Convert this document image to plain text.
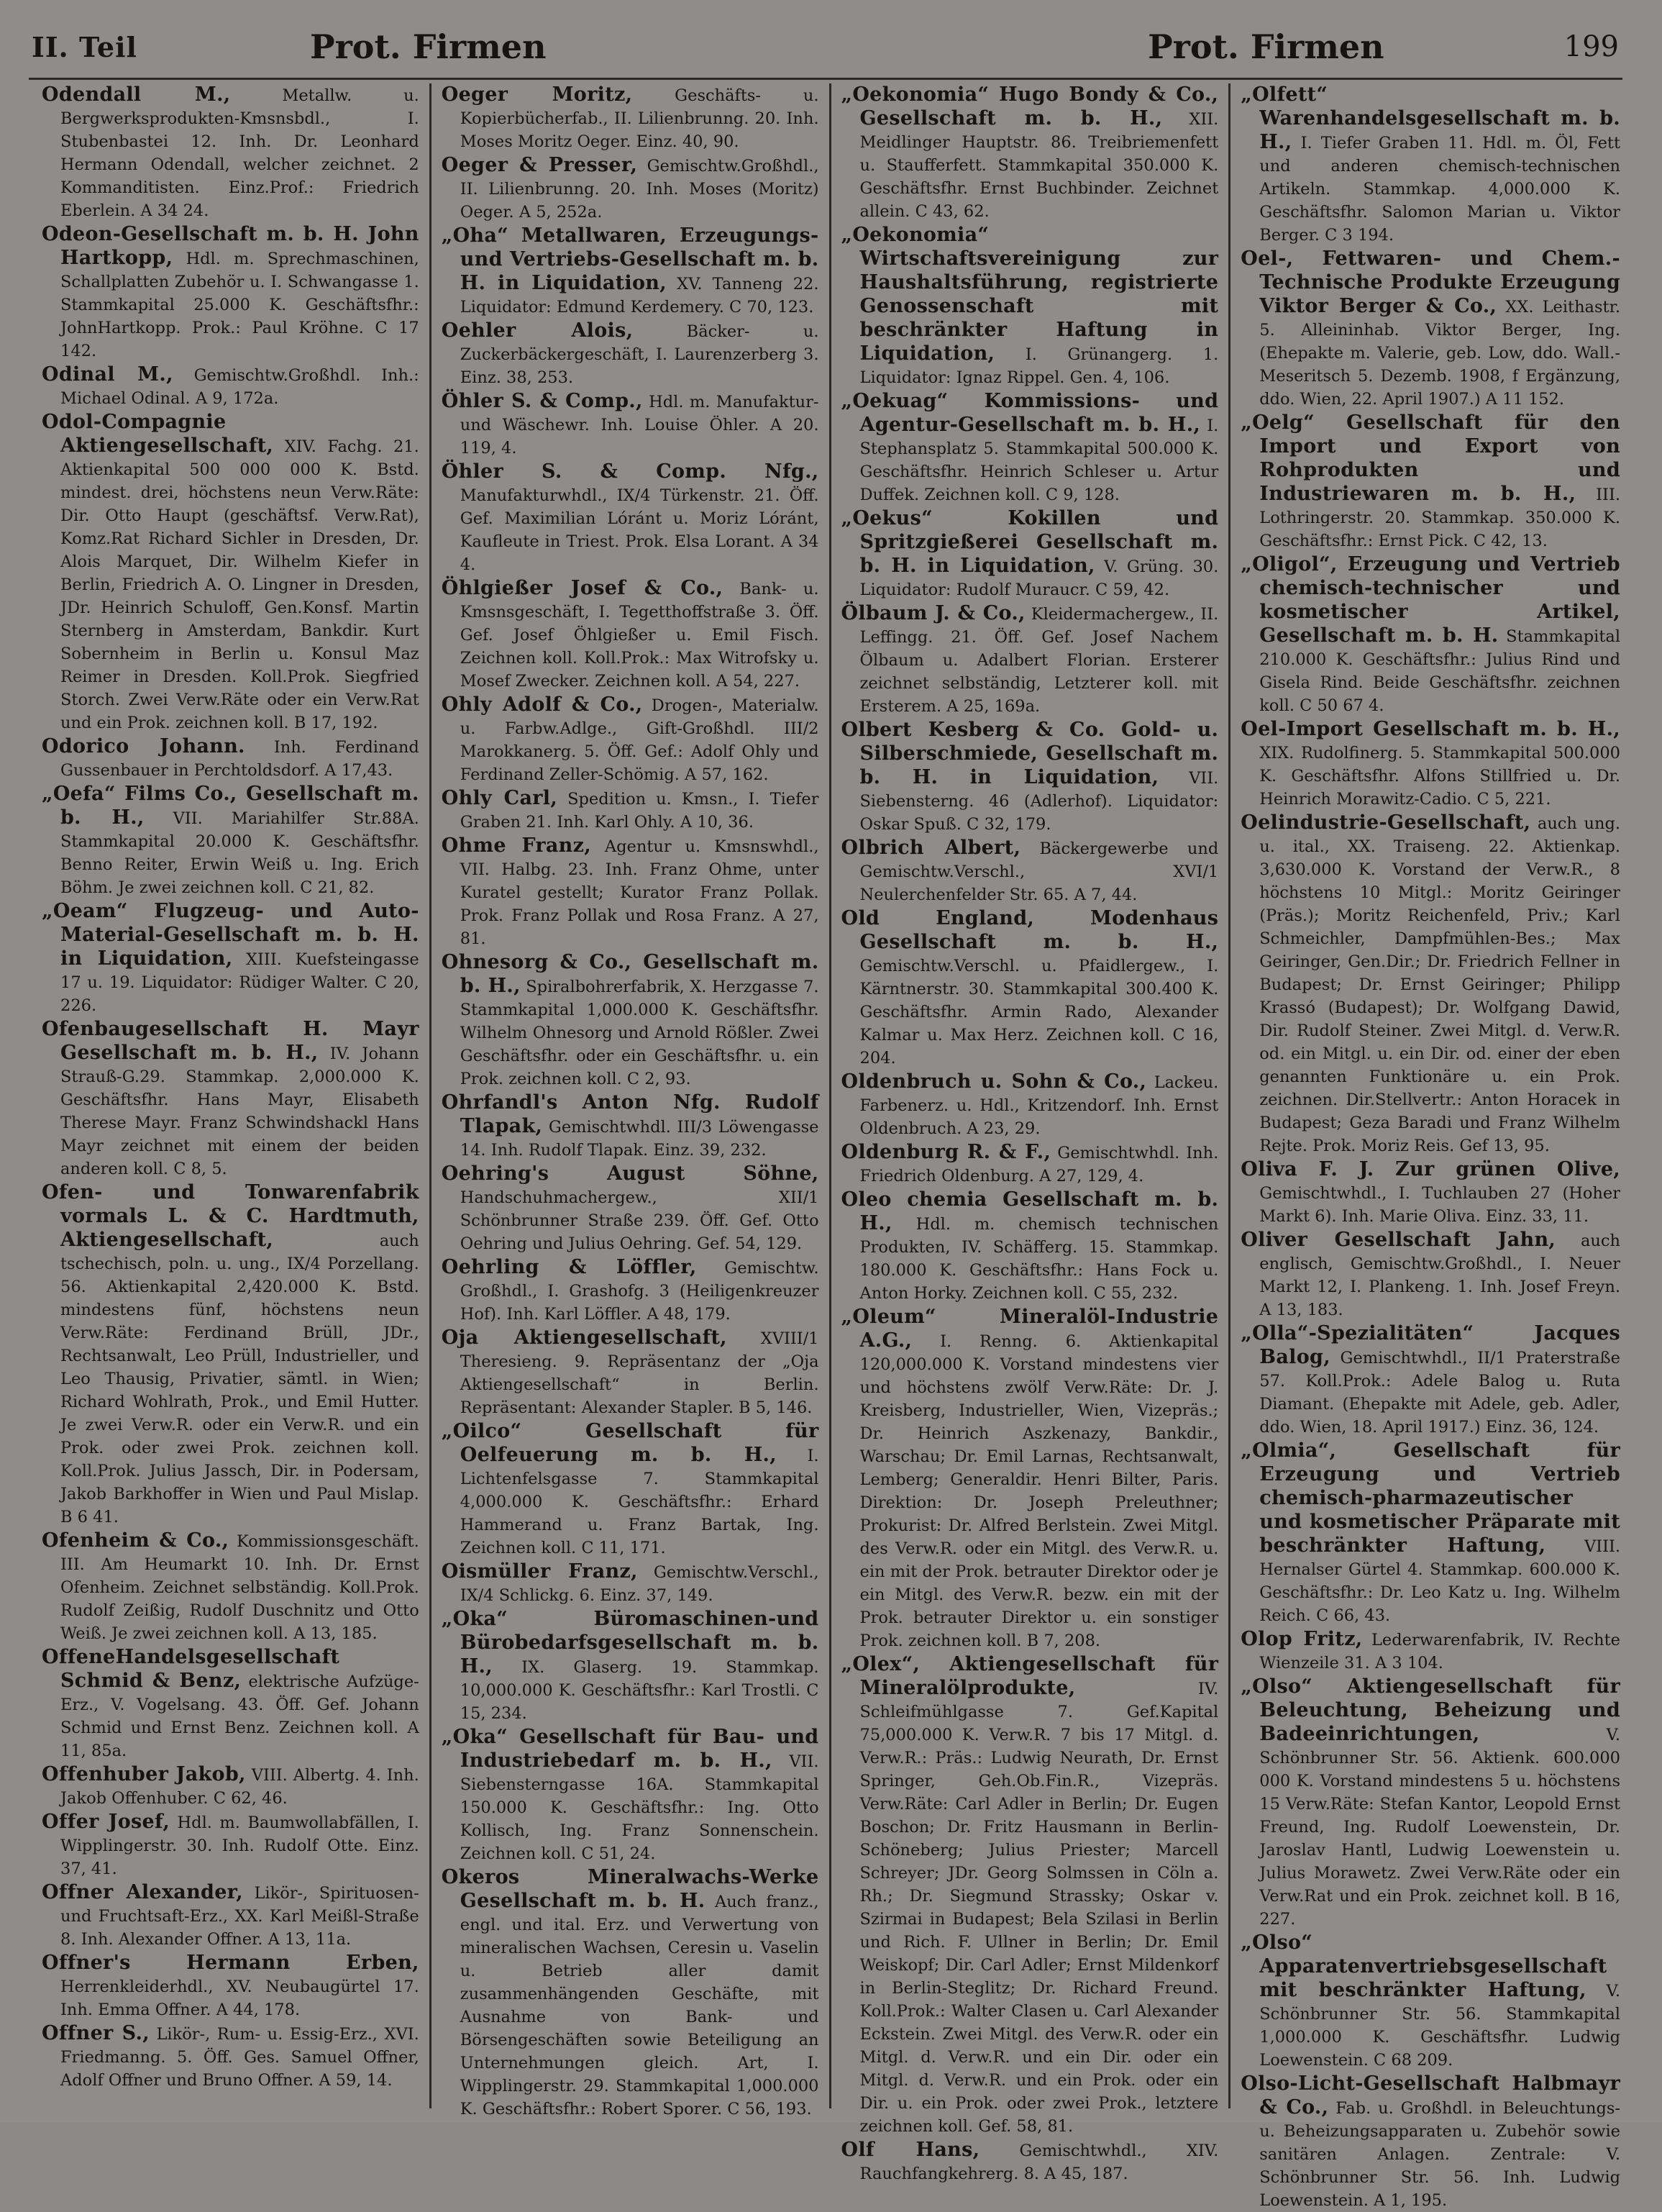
II. Teil	Prot. Firmen	Prot. Firmen	199

Odendall M.,	Metallw. u. Bergwerksprodukten-Kmsnsbdl., I. Stubenbastei 12. Inh. Dr. Leonhard Hermann Odendall, welcher zeichnet. 2 Kommanditisten. Einz.Prof.: Friedrich Eberlein. A 34 24.

Odeon-Gesellschaft m. b. H. John Hartkopp, Hdl. m. Sprechmaschinen, Schallplatten Zubehör u. I. Schwangasse 1. Stammkapital 25.000 K. Geschäftsfhr.: JohnHartkopp. Prok.: Paul Kröhne. C 17 142.

Odinal M., Gemischtw.Großhdl. Inh.: Michael Odinal. A 9, 172a.

Odol-Compagnie Aktiengesellschaft, XIV. Fachg. 21. Aktienkapital 500 000 000 K. Bstd. mindest. drei, höchstens neun Verw.Räte: Dir. Otto Haupt (geschäftsf. Verw.Rat), Komz.Rat Richard Sichler in Dresden, Dr. Alois Marquet, Dir. Wilhelm Kiefer in Berlin, Friedrich A. O. Lingner in Dresden, JDr. Heinrich Schuloff, Gen.Konsf. Martin Sternberg in Amsterdam, Bankdir. Kurt Sobernheim in Berlin u. Konsul Maz Reimer in Dresden. Koll.Prok. Siegfried Storch. Zwei Verw.Räte oder ein Verw.Rat und ein Prok. zeichnen koll. B 17, 192.

Odorico Johann. Inh. Ferdinand Gussenbauer in Perchtoldsdorf. A 17,43.

„Oefa“ Films Co., Gesellschaft m. b. H., VII. Mariahilfer Str.88A. Stammkapital 20.000 K. Geschäftsfhr. Benno Reiter, Erwin Weiß u. Ing. Erich Böhm. Je zwei zeichnen koll. C 21, 82.

„Oeam“ Flugzeug- und Auto-Material-Gesellschaft m. b. H. in Liquidation, XIII. Kuefsteingasse 17 u. 19. Liquidator: Rüdiger Walter. C 20, 226.

Ofenbaugesellschaft H. Mayr Gesellschaft m. b. H., IV. Johann Strauß-G.29. Stammkap. 2,000.000 K. Geschäftsfhr. Hans Mayr, Elisabeth Therese Mayr. Franz Schwindshackl Hans Mayr zeichnet mit einem der beiden anderen koll. C 8, 5.

Ofen- und Tonwarenfabrik vormals L. & C. Hardtmuth, Aktiengesellschaft,	auch tschechisch, poln. u. ung., IX/4 Porzellang. 56. Aktienkapital 2,420.000 K. Bstd. mindestens fünf, höchstens neun Verw.Räte: Ferdinand Brüll, JDr., Rechtsanwalt, Leo Prüll, Industrieller, und Leo Thausig, Privatier, sämtl. in Wien; Richard Wohlrath, Prok., und Emil Hutter. Je zwei Verw.R. oder ein Verw.R. und ein Prok. oder zwei Prok. zeichnen koll. Koll.Prok. Julius Jassch, Dir. in Podersam, Jakob Barkhoffer in Wien und Paul Mislap. B 6 41.

Ofenheim & Co., Kommissionsgeschäft. III. Am Heumarkt 10. Inh. Dr. Ernst Ofenheim. Zeichnet selbständig. Koll.Prok. Rudolf Zeißig, Rudolf Duschnitz und Otto Weiß. Je zwei zeichnen koll. A 13, 185.

OffeneHandelsgesellschaft Schmid & Benz, elektrische Aufzüge-Erz., V. Vogelsang. 43. Öff. Gef. Johann Schmid und Ernst Benz. Zeichnen koll. A 11, 85a.

Offenhuber Jakob, VIII. Albertg. 4. Inh. Jakob Offenhuber. C 62, 46.

Offer Josef, Hdl. m. Baumwollabfällen, I. Wipplingerstr. 30. Inh. Rudolf Otte. Einz. 37, 41.

Offner Alexander, Likör-, Spirituosen- und Fruchtsaft-Erz., XX. Karl Meißl-Straße 8. Inh. Alexander Offner. A 13, 11a.

Offner's Hermann Erben, Herrenkleiderhdl., XV. Neubaugürtel 17. Inh. Emma Offner. A 44, 178.

Offner S., Likör-, Rum- u. Essig-Erz., XVI. Friedmanng. 5. Öff. Ges. Samuel Offner, Adolf Offner und Bruno Offner. A 59, 14.

Oeger Moritz,	Geschäfts- u. Kopierbücherfab., II. Lilienbrunng. 20. Inh. Moses Moritz Oeger. Einz. 40, 90.

Oeger & Presser, Gemischtw.Großhdl., II. Lilienbrunng. 20. Inh. Moses (Moritz) Oeger. A 5, 252a.

„Oha“ Metallwaren, Erzeugungs- und Vertriebs-Gesellschaft m. b. H. in Liquidation, XV. Tanneng 22. Liquidator: Edmund Kerdemery. C 70, 123.

Oehler Alois,	Bäcker- u. Zuckerbäckergeschäft, I. Laurenzerberg 3. Einz. 38, 253.

Öhler S. & Comp., Hdl. m. Manufaktur- und Wäschewr. Inh. Louise Öhler. A 20. 119, 4.

Öhler S. & Comp. Nfg., Manufakturwhdl., IX/4 Türkenstr. 21. Öff. Gef. Maximilian Lóránt u. Moriz Lóránt, Kaufleute in Triest. Prok. Elsa Lorant. A 34 4.

Öhlgießer Josef & Co., Bank- u. Kmsnsgeschäft, I. Tegetthoffstraße 3. Öff. Gef. Josef Öhlgießer u. Emil Fisch. Zeichnen koll. Koll.Prok.: Max Witrofsky u. Mosef Zwecker. Zeichnen koll. A 54, 227.

Ohly Adolf & Co., Drogen-, Materialw. u. Farbw.Adlge., Gift-Großhdl. III/2 Marokkanerg. 5. Öff. Gef.: Adolf Ohly und Ferdinand Zeller-Schömig. A 57, 162.

Ohly Carl, Spedition u. Kmsn., I. Tiefer Graben 21. Inh. Karl Ohly. A 10, 36.

Ohme Franz, Agentur u. Kmsnswhdl., VII. Halbg. 23. Inh. Franz Ohme, unter Kuratel gestellt; Kurator Franz Pollak. Prok. Franz Pollak und Rosa Franz. A 27, 81.

Ohnesorg & Co., Gesellschaft m. b. H., Spiralbohrerfabrik, X. Herzgasse 7. Stammkapital 1,000.000 K. Geschäftsfhr. Wilhelm Ohnesorg und Arnold Rößler. Zwei Geschäftsfhr. oder ein Geschäftsfhr. u. ein Prok. zeichnen koll. C 2, 93.

Ohrfandl's Anton Nfg. Rudolf Tlapak, Gemischtwhdl. III/3 Löwengasse 14. Inh. Rudolf Tlapak. Einz. 39, 232.

Oehring's August Söhne, Handschuhmachergew., XII/1 Schönbrunner Straße 239. Öff. Gef. Otto Oehring und Julius Oehring. Gef. 54, 129.

Oehrling & Löffler, Gemischtw. Großhdl., I. Grashofg. 3 (Heiligenkreuzer Hof). Inh. Karl Löffler. A 48, 179.

Oja Aktiengesellschaft, XVIII/1 Theresieng. 9. Repräsentanz der „Oja Aktiengesellschaft“ in Berlin. Repräsentant: Alexander Stapler. B 5, 146.

„Oilco“ Gesellschaft für Oelfeuerung m. b. H., I. Lichtenfelsgasse 7. Stammkapital 4,000.000 K. Geschäftsfhr.: Erhard Hammerand u. Franz Bartak, Ing. Zeichnen koll. C 11, 171.

Oismüller Franz, Gemischtw.Verschl., IX/4 Schlickg. 6. Einz. 37, 149.

„Oka“ Büromaschinen-und Bürobedarfsgesellschaft m. b. H., IX. Glaserg. 19. Stammkap. 10,000.000 K. Geschäftsfhr.: Karl Trostli. C 15, 234.

„Oka“ Gesellschaft für Bau- und Industriebedarf m. b. H., VII. Siebensterngasse 16A. Stammkapital 150.000 K. Geschäftsfhr.: Ing. Otto Kollisch, Ing. Franz Sonnenschein. Zeichnen koll. C 51, 24.

Okeros Mineralwachs-Werke Gesellschaft m. b. H. Auch franz., engl. und ital. Erz. und Verwertung von mineralischen Wachsen, Ceresin u. Vaselin u. Betrieb aller damit zusammenhängenden Geschäfte, mit Ausnahme von Bank- und Börsengeschäften sowie Beteiligung an Unternehmungen gleich. Art, I. Wipplingerstr. 29. Stammkapital 1,000.000 K. Geschäftsfhr.: Robert Sporer. C 56, 193.

„Oekonomia“ Hugo Bondy & Co., Gesellschaft m. b. H., XII. Meidlinger Hauptstr. 86. Treibriemenfett u. Staufferfett. Stammkapital 350.000 K. Geschäftsfhr. Ernst Buchbinder. Zeichnet allein. C 43, 62.

„Oekonomia“ Wirtschaftsvereinigung zur Haushaltsführung, registrierte Genossenschaft mit beschränkter Haftung in Liquidation, I. Grünangerg. 1. Liquidator: Ignaz Rippel. Gen. 4, 106.

„Oekuag“ Kommissions- und Agentur-Gesellschaft m. b. H., I. Stephansplatz 5. Stammkapital 500.000 K. Geschäftsfhr. Heinrich Schleser u. Artur Duffek. Zeichnen koll. C 9, 128.

„Oekus“ Kokillen und Spritzgießerei Gesellschaft m. b. H. in Liquidation, V. Grüng. 30. Liquidator: Rudolf Muraucr. C 59, 42.

Ölbaum J. & Co., Kleidermachergew., II. Leffingg. 21. Öff. Gef. Josef Nachem Ölbaum u. Adalbert Florian. Ersterer zeichnet selbständig, Letzterer koll. mit Ersterem. A 25, 169a.

Olbert Kesberg & Co. Gold- u. Silberschmiede, Gesellschaft m. b. H. in Liquidation, VII. Siebensterng. 46 (Adlerhof). Liquidator: Oskar Spuß. C 32, 179.

Olbrich Albert, Bäckergewerbe und Gemischtw.Verschl., XVI/1 Neulerchenfelder Str. 65. A 7, 44.

Old England, Modenhaus Gesellschaft m. b. H., Gemischtw.Verschl. u. Pfaidlergew., I. Kärntnerstr. 30. Stammkapital 300.400 K. Geschäftsfhr. Armin Rado, Alexander Kalmar u. Max Herz. Zeichnen koll. C 16, 204.

Oldenbruch u. Sohn & Co., Lackeu. Farbenerz. u. Hdl., Kritzendorf. Inh. Ernst Oldenbruch. A 23, 29.

Oldenburg R. & F., Gemischtwhdl. Inh. Friedrich Oldenburg. A 27, 129, 4.

Oleo chemia Gesellschaft m. b. H., Hdl. m. chemisch technischen Produkten, IV. Schäfferg. 15. Stammkap. 180.000 K. Geschäftsfhr.: Hans Fock u. Anton Horky. Zeichnen koll. C 55, 232.

„Oleum“ Mineralöl-Industrie A.G., I. Renng. 6. Aktienkapital 120,000.000 K. Vorstand mindestens vier und höchstens zwölf Verw.Räte: Dr. J. Kreisberg, Industrieller, Wien, Vizepräs.; Dr. Heinrich Aszkenazy, Bankdir., Warschau; Dr. Emil Larnas, Rechtsanwalt, Lemberg; Generaldir. Henri Bilter, Paris. Direktion: Dr. Joseph Preleuthner; Prokurist: Dr. Alfred Berlstein. Zwei Mitgl. des Verw.R. oder ein Mitgl. des Verw.R. u. ein mit der Prok. betrauter Direktor oder je ein Mitgl. des Verw.R. bezw. ein mit der Prok. betrauter Direktor u. ein sonstiger Prok. zeichnen koll. B 7, 208.

„Olex“, Aktiengesellschaft für Mineralölprodukte,	IV. Schleifmühlgasse 7. Gef.Kapital 75,000.000 K. Verw.R. 7 bis 17 Mitgl. d. Verw.R.: Präs.: Ludwig Neurath, Dr. Ernst Springer, Geh.Ob.Fin.R., Vizepräs. Verw.Räte: Carl Adler in Berlin; Dr. Eugen Boschon; Dr. Fritz Hausmann in Berlin-Schöneberg; Julius Priester; Marcell Schreyer; JDr. Georg Solmssen in Cöln a. Rh.; Dr. Siegmund Strassky; Oskar v. Szirmai in Budapest; Bela Szilasi in Berlin und Rich. F. Ullner in Berlin; Dr. Emil Weiskopf; Dir. Carl Adler; Ernst Mildenkorf in Berlin-Steglitz; Dr. Richard Freund. Koll.Prok.: Walter Clasen u. Carl Alexander Eckstein. Zwei Mitgl. des Verw.R. oder ein Mitgl. d. Verw.R. und ein Dir. oder ein Mitgl. d. Verw.R. und ein Prok. oder ein Dir. u. ein Prok. oder zwei Prok., letztere zeichnen koll. Gef. 58, 81.

Olf Hans, Gemischtwhdl., XIV. Rauchfangkehrerg. 8. A 45, 187.

„Olfett“ Warenhandelsgesellschaft m. b. H., I. Tiefer Graben 11. Hdl. m. Öl, Fett und anderen chemisch-technischen Artikeln. Stammkap. 4,000.000 K. Geschäftsfhr. Salomon Marian u. Viktor Berger. C 3 194.

Oel-, Fettwaren- und Chem.-Technische Produkte Erzeugung Viktor Berger & Co., XX. Leithastr. 5. Alleininhab. Viktor Berger, Ing. (Ehepakte m. Valerie, geb. Low, ddo. Wall.-Meseritsch 5. Dezemb. 1908, f Ergänzung, ddo. Wien, 22. April 1907.) A 11 152.

„Oelg“ Gesellschaft für den Import und Export von Rohprodukten und Industriewaren m. b. H., III. Lothringerstr. 20. Stammkap. 350.000 K. Geschäftsfhr.: Ernst Pick. C 42, 13.

„Oligol“, Erzeugung und Vertrieb chemisch-technischer und kosmetischer Artikel, Gesellschaft m. b. H. Stammkapital 210.000 K. Geschäftsfhr.: Julius Rind und Gisela Rind. Beide Geschäftsfhr. zeichnen koll. C 50 67 4.

Oel-Import Gesellschaft m. b. H., XIX. Rudolfinerg. 5. Stammkapital 500.000 K. Geschäftsfhr. Alfons Stillfried u. Dr. Heinrich Morawitz-Cadio. C 5, 221.

Oelindustrie-Gesellschaft, auch ung. u. ital., XX. Traiseng. 22. Aktienkap. 3,630.000 K. Vorstand der Verw.R., 8 höchstens 10 Mitgl.: Moritz Geiringer (Präs.); Moritz Reichenfeld, Priv.; Karl Schmeichler, Dampfmühlen-Bes.; Max Geiringer, Gen.Dir.; Dr. Friedrich Fellner in Budapest; Dr. Ernst Geiringer; Philipp Krassó (Budapest); Dr. Wolfgang Dawid, Dir. Rudolf Steiner. Zwei Mitgl. d. Verw.R. od. ein Mitgl. u. ein Dir. od. einer der eben genannten Funktionäre u. ein Prok. zeichnen. Dir.Stellvertr.: Anton Horacek in Budapest; Geza Baradi und Franz Wilhelm Rejte. Prok. Moriz Reis. Gef 13, 95.

Oliva F. J. Zur grünen Olive, Gemischtwhdl., I. Tuchlauben 27 (Hoher Markt 6). Inh. Marie Oliva. Einz. 33, 11.

Oliver Gesellschaft Jahn, auch englisch, Gemischtw.Großhdl., I. Neuer Markt 12, I. Plankeng. 1. Inh. Josef Freyn. A 13, 183.

„Olla“-Spezialitäten“ Jacques Balog, Gemischtwhdl., II/1 Praterstraße 57. Koll.Prok.: Adele Balog u. Ruta Diamant. (Ehepakte mit Adele, geb. Adler, ddo. Wien, 18. April 1917.) Einz. 36, 124.

„Olmia“, Gesellschaft für Erzeugung und Vertrieb chemisch-pharmazeutischer und kosmetischer Präparate mit beschränkter Haftung, VIII. Hernalser Gürtel 4. Stammkap. 600.000 K. Geschäftsfhr.: Dr. Leo Katz u. Ing. Wilhelm Reich. C 66, 43.

Olop Fritz, Lederwarenfabrik, IV. Rechte Wienzeile 31. A 3 104.

„Olso“ Aktiengesellschaft für Beleuchtung, Beheizung und Badeeinrichtungen,	V. Schönbrunner Str. 56. Aktienk. 600.000 000 K. Vorstand mindestens 5 u. höchstens 15 Verw.Räte: Stefan Kantor, Leopold Ernst Freund, Ing. Rudolf Loewenstein, Dr. Jaroslav Hantl, Ludwig Loewenstein u. Julius Morawetz. Zwei Verw.Räte oder ein Verw.Rat und ein Prok. zeichnet koll. B 16, 227.

„Olso“ Apparatenvertriebsgesellschaft mit beschränkter Haftung, V. Schönbrunner Str. 56. Stammkapital 1,000.000 K. Geschäftsfhr. Ludwig Loewenstein. C 68 209.

Olso-Licht-Gesellschaft Halbmayr & Co., Fab. u. Großhdl. in Beleuchtungs- u. Beheizungsapparaten u. Zubehör sowie sanitären Anlagen. Zentrale: V. Schönbrunner Str. 56. Inh. Ludwig Loewenstein. A 1, 195.
